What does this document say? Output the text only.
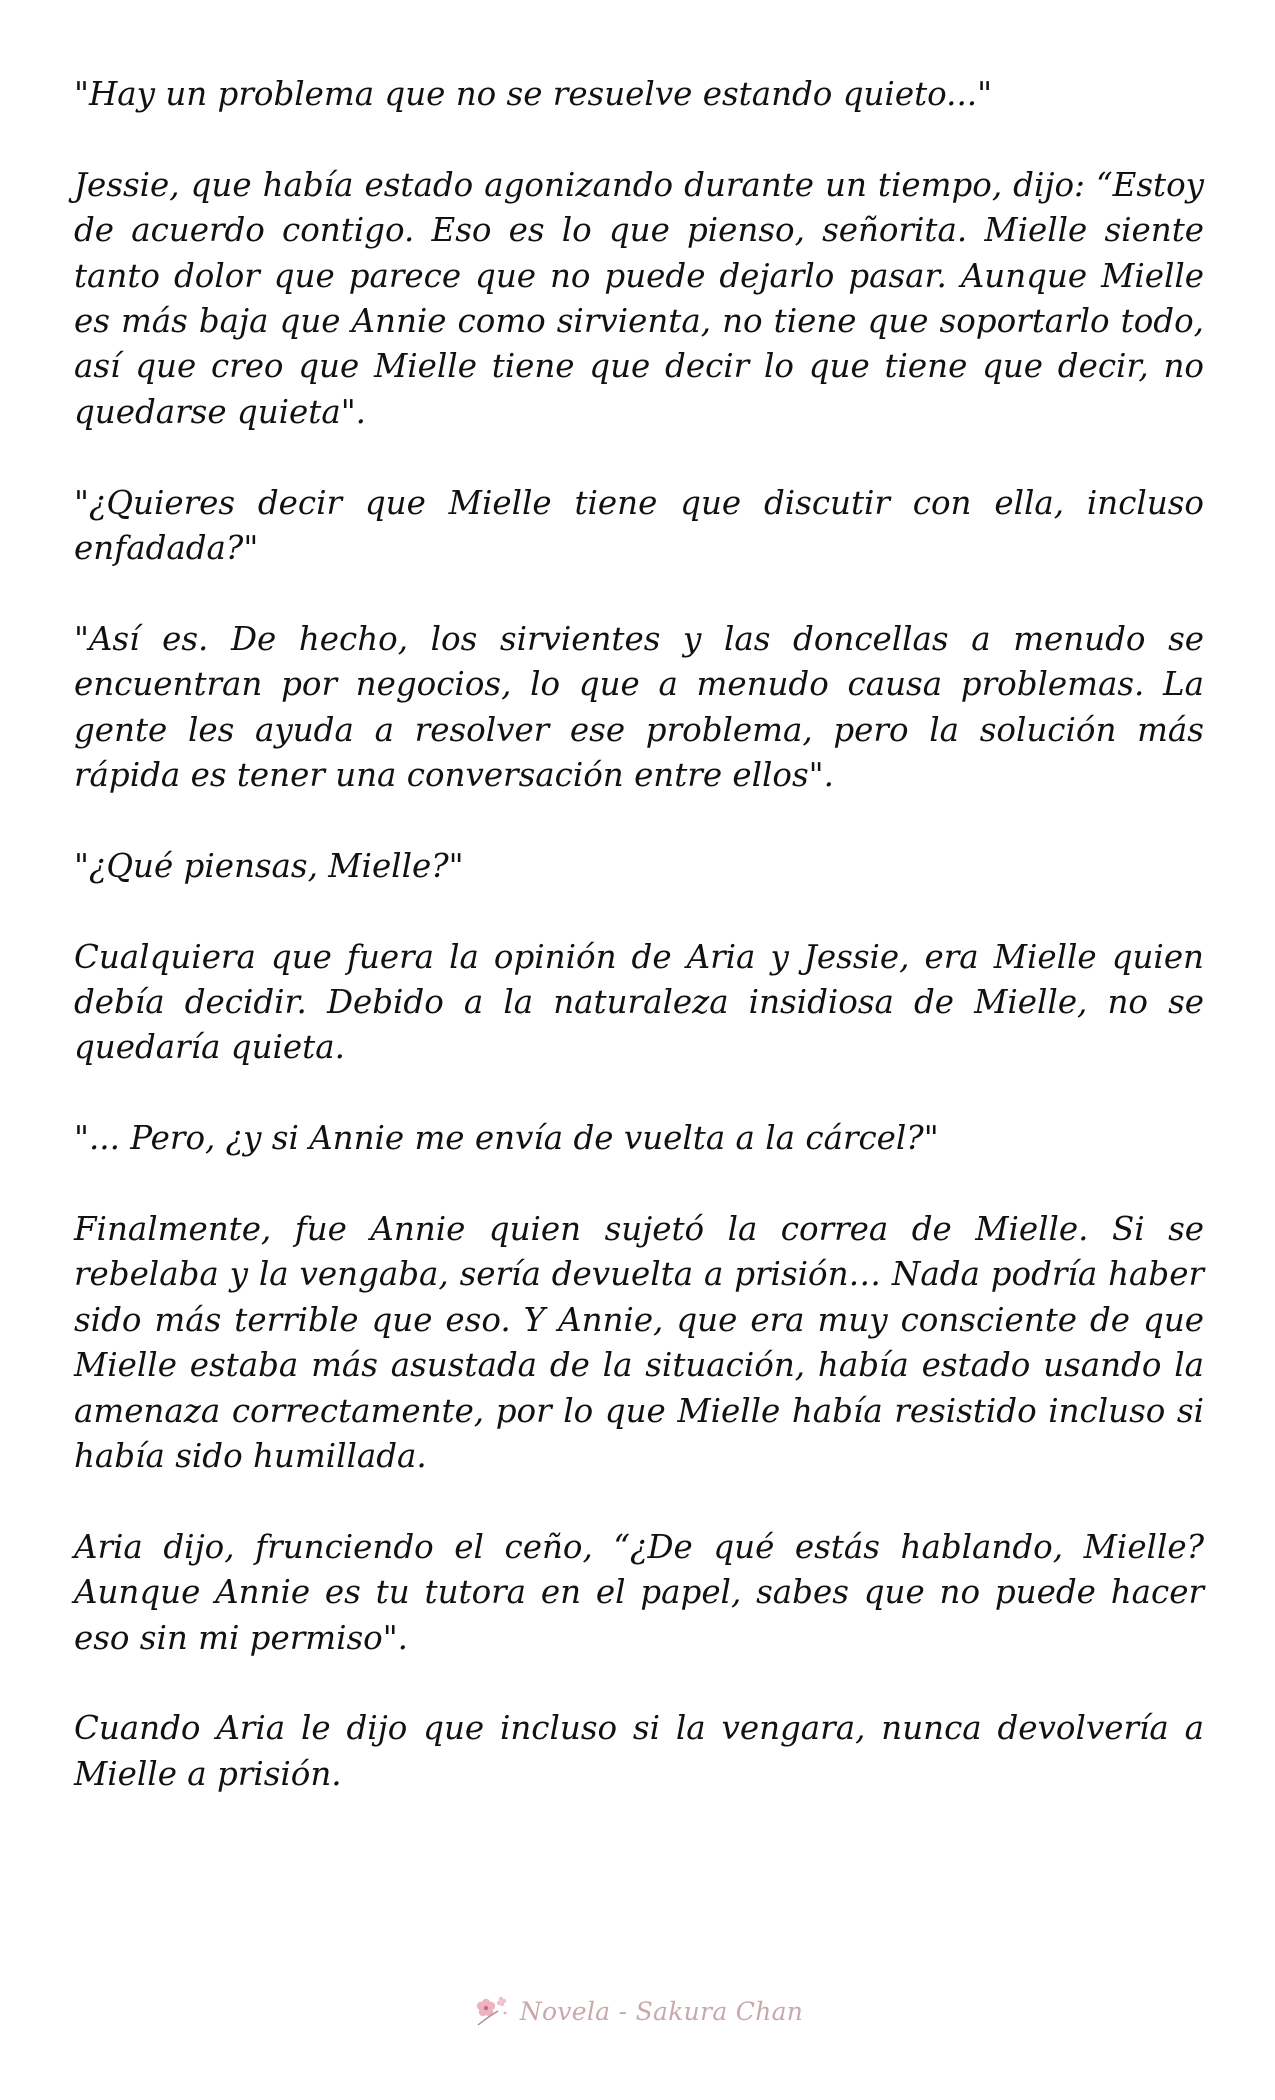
"Hay un problema que no se resuelve estando quieto..."

Jessie, que había estado agonizando durante un tiempo, dijo: “Estoy de acuerdo contigo. Eso es lo que pienso, señorita. Mielle siente tanto dolor que parece que no puede dejarlo pasar. Aunque Mielle es más baja que Annie como sirvienta, no tiene que soportarlo todo, así que creo que Mielle tiene que decir lo que tiene que decir, no quedarse quieta".

"¿Quieres decir que Mielle tiene que discutir con ella, incluso enfadada?"

"Así es. De hecho, los sirvientes y las doncellas a menudo se encuentran por negocios, lo que a menudo causa problemas. La gente les ayuda a resolver ese problema, pero la solución más rápida es tener una conversación entre ellos".

"¿Qué piensas, Mielle?"

Cualquiera que fuera la opinión de Aria y Jessie, era Mielle quien debía decidir. Debido a la naturaleza insidiosa de Mielle, no se quedaría quieta.

"... Pero, ¿y si Annie me envía de vuelta a la cárcel?"

Finalmente, fue Annie quien sujetó la correa de Mielle. Si se rebelaba y la vengaba, sería devuelta a prisión… Nada podría haber sido más terrible que eso. Y Annie, que era muy consciente de que Mielle estaba más asustada de la situación, había estado usando la amenaza correctamente, por lo que Mielle había resistido incluso si había sido humillada.

Aria dijo, frunciendo el ceño, “¿De qué estás hablando, Mielle? Aunque Annie es tu tutora en el papel, sabes que no puede hacer eso sin mi permiso".

Cuando Aria le dijo que incluso si la vengara, nunca devolvería a Mielle a prisión.

Novela - Sakura Chan
